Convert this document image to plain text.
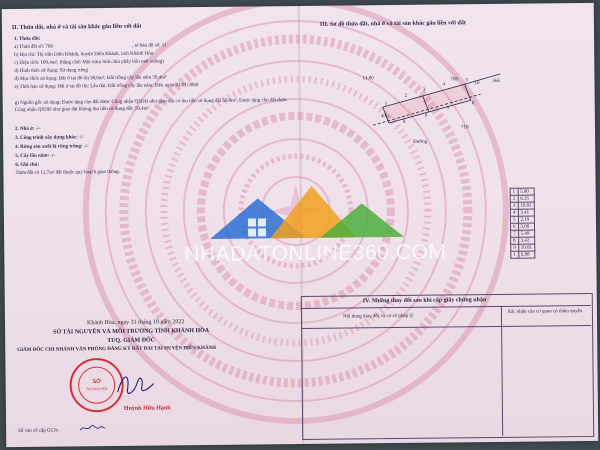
II. Thửa đất, nhà ở và tài sản khác gắn liền với đất
1. Thửa đất:
a) Thửa đất số: 769	, tờ bản đồ số: 11
b) Địa chỉ: Thị trấn Diên Khánh, huyện Diên Khánh, tỉnh Khánh Hòa
c) Diện tích: 109,4m², (bằng chữ: Một trăm linh chín phẩy bốn mét vuông)
d) Hình thức sử dụng: Sử dụng riêng
đ) Mục đích sử dụng: Đất ở tại đô thị 50,0m²; Đất trồng cây lâu năm 59,4m²
e) Thời hạn sử dụng: Đất ở tại đô thị: Lâu dài; Đất trồng cây lâu năm: Đến ngày 01/01/2060
g) Nguồn gốc sử dụng: Được tặng cho đất được Công nhận QSDĐ như giao đất có thu tiền sử dụng đất 50,0m²; Được tặng cho đất được Công nhận QSDĐ như giao đất không thu tiền sử dụng đất: 59,4m²
2. Nhà ở: -/-
3. Công trình xây dựng khác: -/-
4. Rừng sản xuất là rừng trồng: -/-
5. Cây lâu năm: -/-
6. Ghi chú:
Thửa đất có 11,7m² đất thuộc quy hoạch giao thông.
Khánh Hòa, ngày 31 tháng 10 năm 2022
SỞ TÀI NGUYÊN VÀ MÔI TRƯỜNG TỈNH KHÁNH HÒA
TUQ. GIÁM ĐỐC
GIÁM ĐỐC CHI NHÁNH VĂN PHÒNG ĐĂNG KÝ ĐẤT ĐAI TẠI HUYỆN DIÊN KHÁNH
SỞ
TÀI NGUYÊN
Huỳnh Hữu Hạnh
Số vào sổ cấp GCN:
III. Sơ đồ thửa đất, nhà ở và tài sản khác gắn liền với đất
14,00	769
10	566
710
Đường
4,82
1
2
3
4
5
6
7
8
9
1	5.00
2	6.35
3	10.01
4	3.41
5	2.19
6	5.00
7	5.49
8	3.42
9	10.01
1	6.98
IV. Những thay đổi sau khi cấp giấy chứng nhận
Nội dung thay đổi và cơ sở pháp lý
Xác nhận của cơ quan có thẩm quyền
NHADATONLINE360.COM
